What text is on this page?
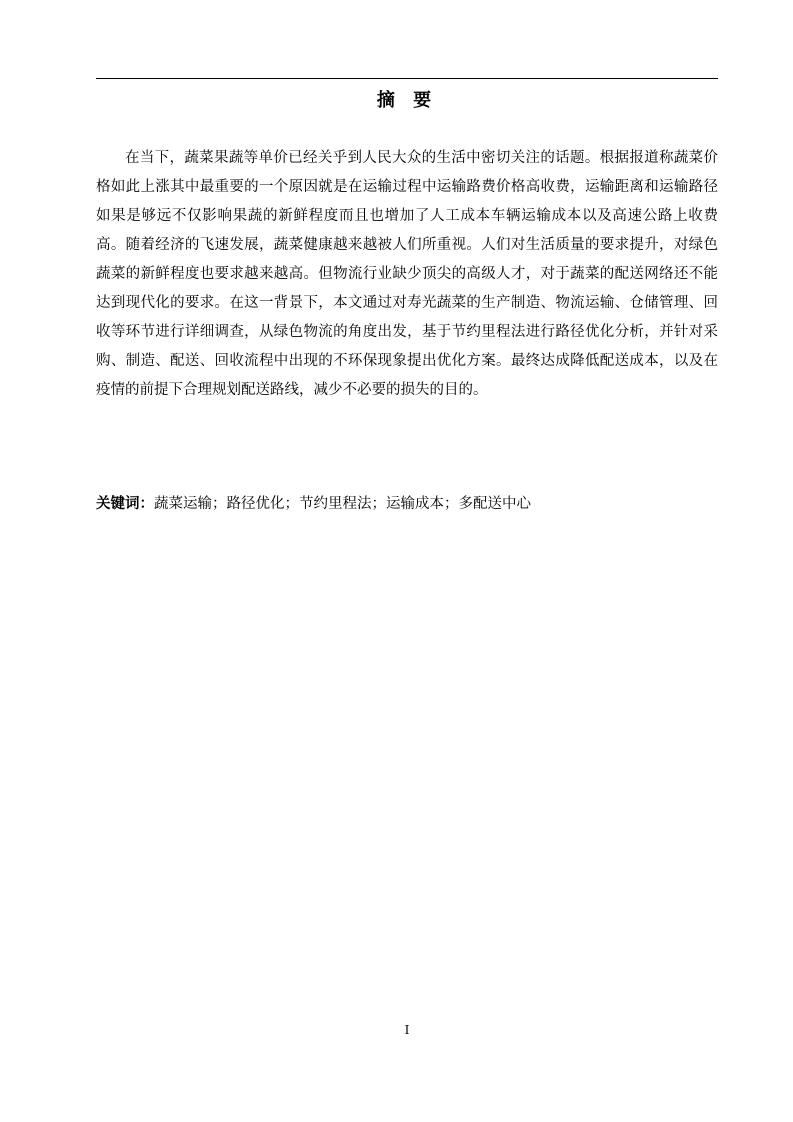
摘 要

在当下，蔬菜果蔬等单价已经关乎到人民大众的生活中密切关注的话题。根据报道称蔬菜价格如此上涨其中最重要的一个原因就是在运输过程中运输路费价格高收费，运输距离和运输路径如果是够远不仅影响果蔬的新鲜程度而且也增加了人工成本车辆运输成本以及高速公路上收费高。随着经济的飞速发展，蔬菜健康越来越被人们所重视。人们对生活质量的要求提升，对绿色蔬菜的新鲜程度也要求越来越高。但物流行业缺少顶尖的高级人才，对于蔬菜的配送网络还不能达到现代化的要求。在这一背景下，本文通过对寿光蔬菜的生产制造、物流运输、仓储管理、回收等环节进行详细调查，从绿色物流的角度出发，基于节约里程法进行路径优化分析，并针对采购、制造、配送、回收流程中出现的不环保现象提出优化方案。最终达成降低配送成本，以及在疫情的前提下合理规划配送路线，减少不必要的损失的目的。

关键词：蔬菜运输；路径优化；节约里程法；运输成本；多配送中心

I
